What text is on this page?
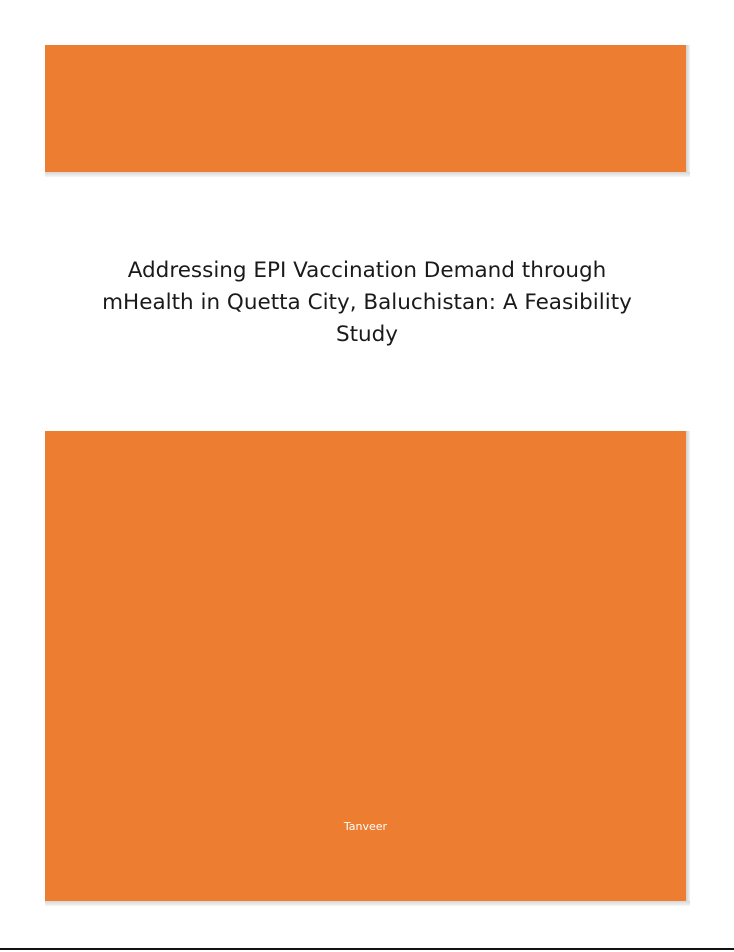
Addressing EPI Vaccination Demand through
mHealth in Quetta City, Baluchistan: A Feasibility
Study
Tanveer
